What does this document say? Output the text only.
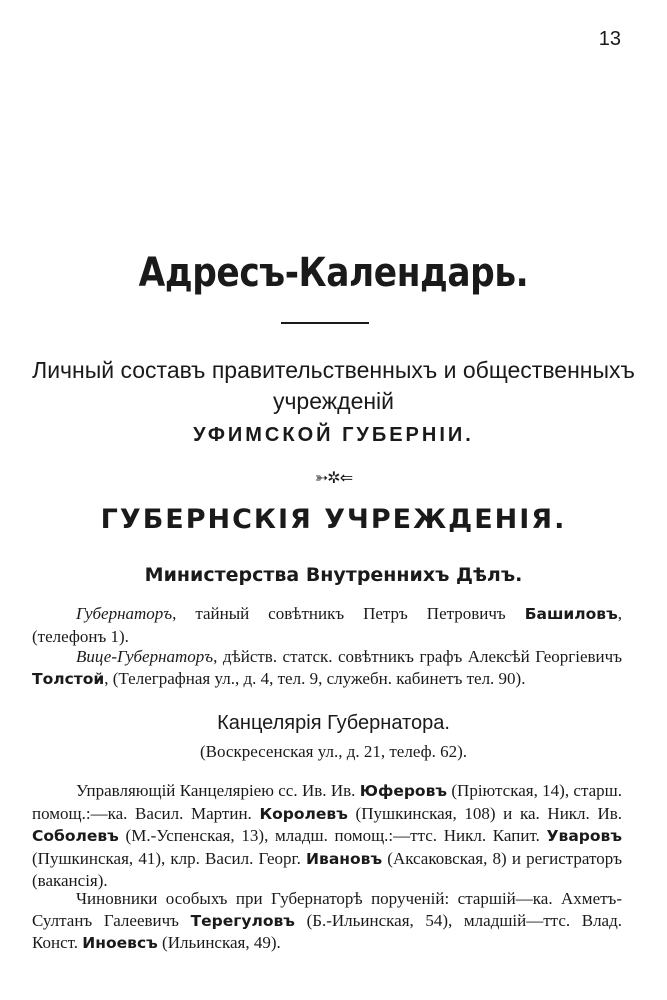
13
Адресъ-Календарь.
Личный составъ правительственныхъ и общественныхъ
учрежденій
УФИМСКОЙ ГУБЕРНІИ.
➳✲⇐
ГУБЕРНСКІЯ УЧРЕЖДЕНІЯ.
Министерства Внутреннихъ Дѣлъ.
Губернаторъ, тайный совѣтникъ Петръ Петровичъ Башиловъ, (телефонъ 1).
Вице-Губернаторъ, дѣйств. статск. совѣтникъ графъ Алексѣй Георгіевичъ Толстой, (Телеграфная ул., д. 4, тел. 9, служебн. кабинетъ тел. 90).
Канцелярія Губернатора.
(Воскресенская ул., д. 21, телеф. 62).
Управляющій Канцеляріею сс. Ив. Ив. Юферовъ (Пріютская, 14), старш. помощ.:—ка. Васил. Мартин. Королевъ (Пушкинская, 108) и ка. Никл. Ив. Соболевъ (М.-Успенская, 13), младш. помощ.:—ттс. Никл. Капит. Уваровъ (Пушкинская, 41), клр. Васил. Георг. Ивановъ (Аксаковская, 8) и регистраторъ (вакансія).
Чиновники особыхъ при Губернаторѣ порученій: старшій—ка. Ахметъ-Султанъ Галеевичъ Терегуловъ (Б.-Ильинская, 54), младшій—ттс. Влад. Конст. Иноевсъ (Ильинская, 49).
